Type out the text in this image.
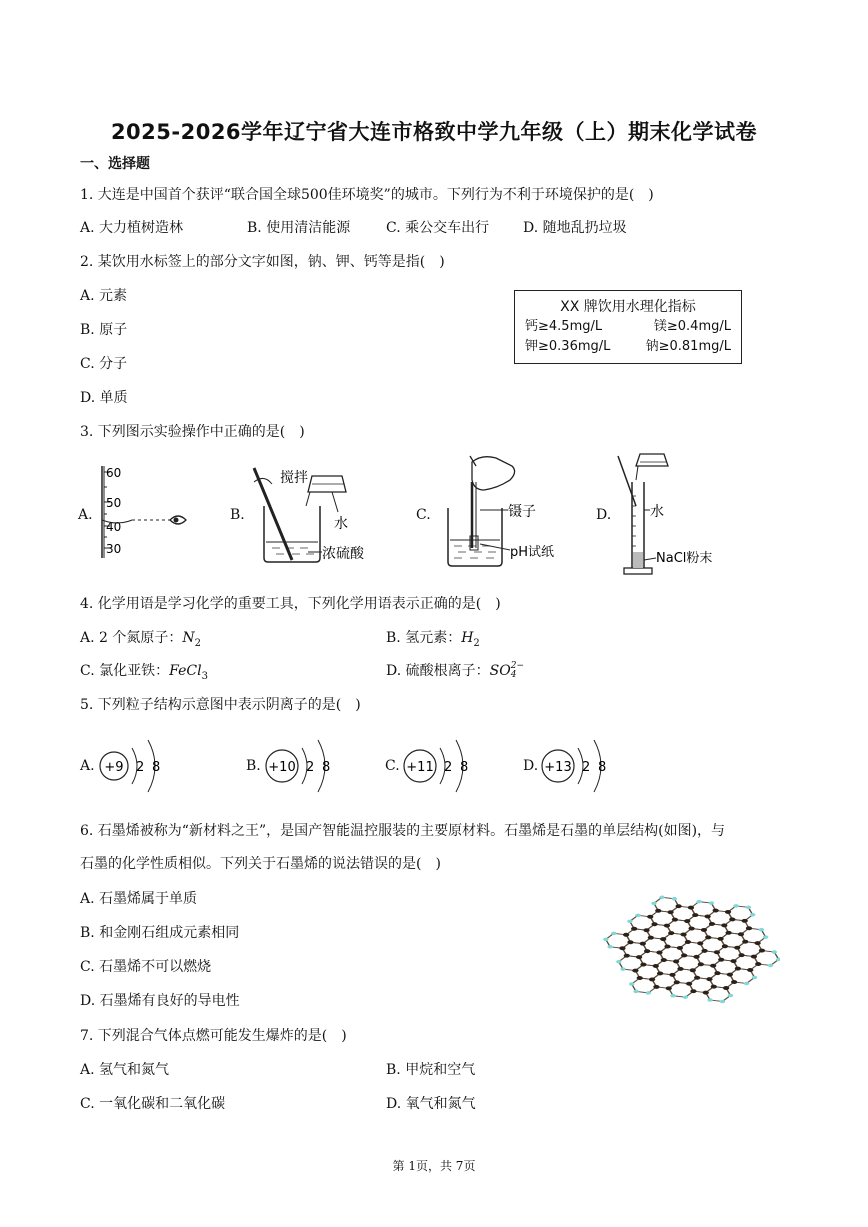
2025-2026学年辽宁省大连市格致中学九年级（上）期末化学试卷
一、选择题
1. 大连是中国首个获评“联合国全球500佳环境奖”的城市。下列行为不利于环境保护的是(　)
A. 大力植树造林	B. 使用清洁能源	C. 乘公交车出行 D. 随地乱扔垃圾
2. 某饮用水标签上的部分文字如图，钠、钾、钙等是指(　)
A. 元素
B. 原子
C. 分子
D. 单质
XX 牌饮用水理化指标
钙≥4.5mg/L	镁≥0.4mg/L
钾≥0.36mg/L	钠≥0.81mg/L
3. 下列图示实验操作中正确的是(　)
A.	B.	C.	D.
60
50
40
30
搅拌
水
浓硫酸
镊子
pH试纸
水
NaCl粉末
4. 化学用语是学习化学的重要工具，下列化学用语表示正确的是(　)
A. 2 个氮原子：$N_2$	B. 氢元素：$H_2$
C. 氯化亚铁：FeCl$_3$	D. 硫酸根离子：SO 2−
4
5. 下列粒子结构示意图中表示阴离子的是(　)
A. +9 2 8	B. +10 2 8	C. +11 2 8	D. +13 2 8
6. 石墨烯被称为“新材料之王”，是国产智能温控服装的主要原材料。石墨烯是石墨的单层结构(如图)，与
石墨的化学性质相似。下列关于石墨烯的说法错误的是(　)
A. 石墨烯属于单质
B. 和金刚石组成元素相同
C. 石墨烯不可以燃烧
D. 石墨烯有良好的导电性
7. 下列混合气体点燃可能发生爆炸的是(　)
A. 氢气和氮气	B. 甲烷和空气
C. 一氧化碳和二氧化碳	D. 氧气和氮气
第 1页，共 7页
